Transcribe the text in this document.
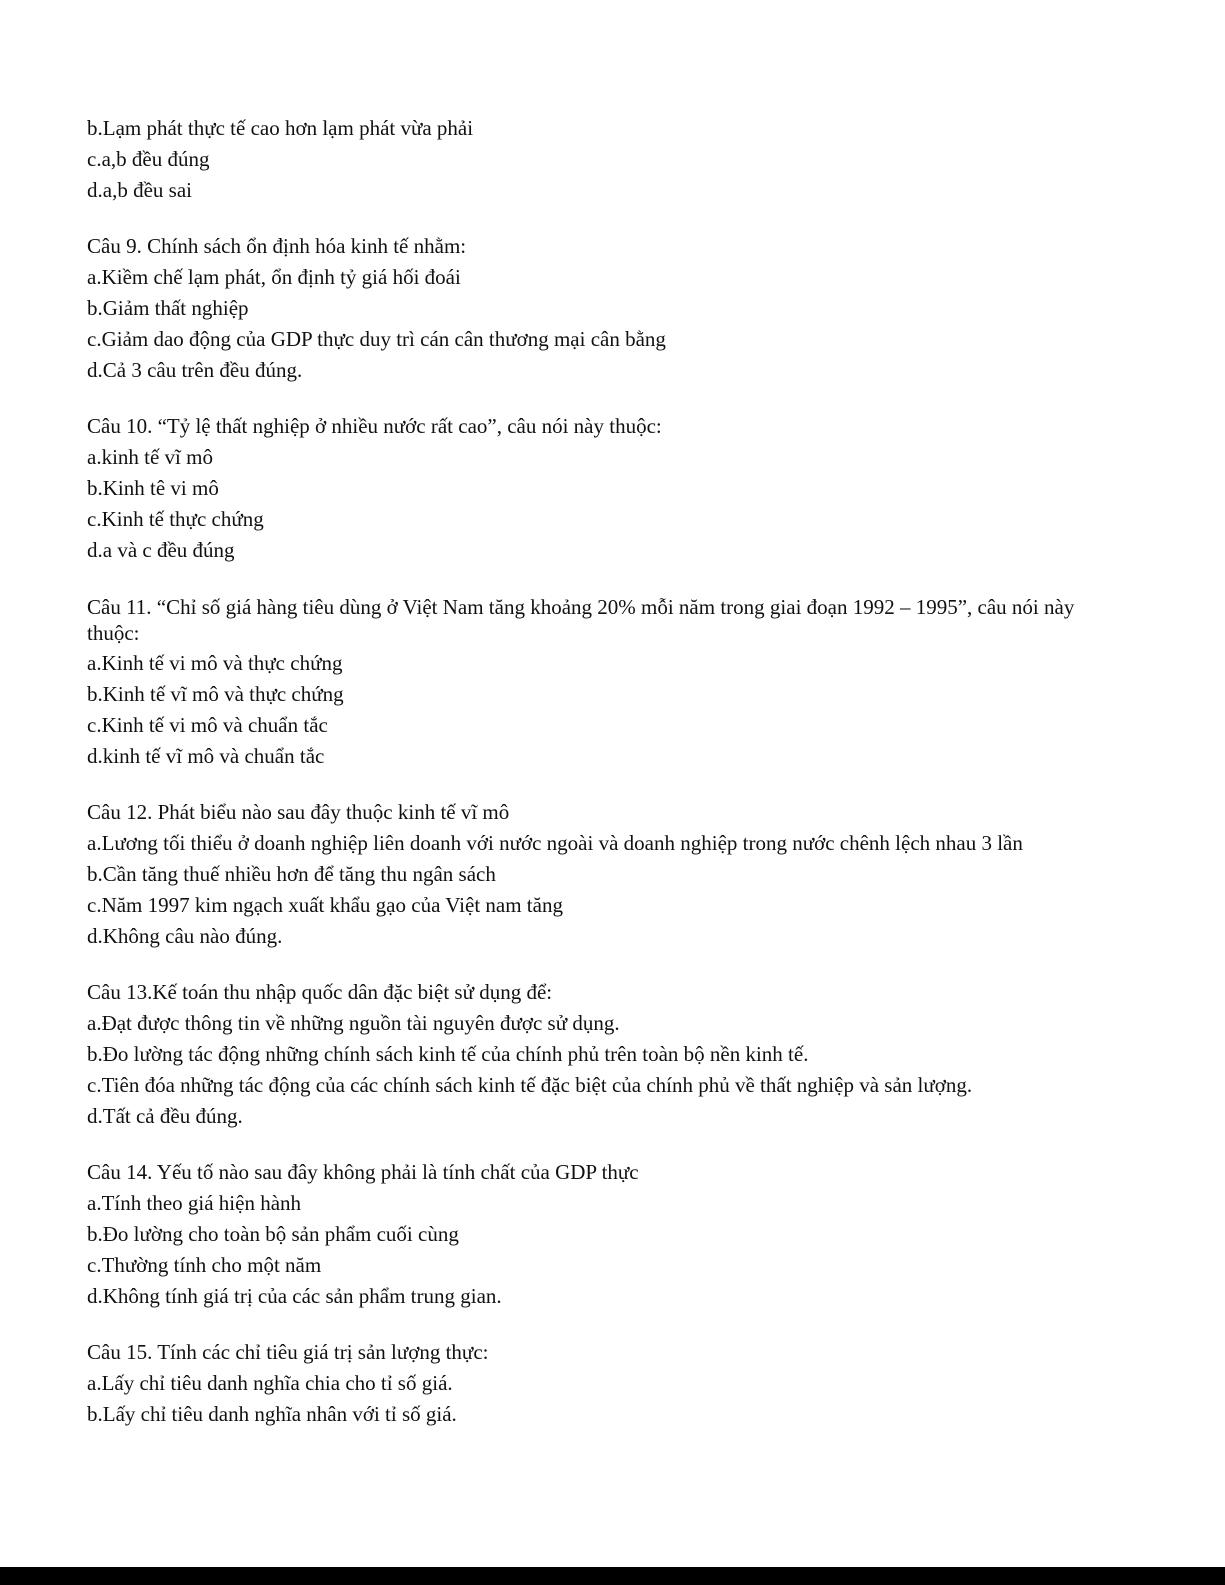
b.Lạm phát thực tế cao hơn lạm phát vừa phải
c.a,b đều đúng
d.a,b đều sai
Câu 9. Chính sách ổn định hóa kinh tế nhằm:
a.Kiềm chế lạm phát, ổn định tỷ giá hối đoái
b.Giảm thất nghiệp
c.Giảm dao động của GDP thực duy trì cán cân thương mại cân bằng
d.Cả 3 câu trên đều đúng.
Câu 10. “Tỷ lệ thất nghiệp ở nhiều nước rất cao”, câu nói này thuộc:
a.kinh tế vĩ mô
b.Kinh tê vi mô
c.Kinh tế thực chứng
d.a và c đều đúng
Câu 11. “Chỉ số giá hàng tiêu dùng ở Việt Nam tăng khoảng 20% mỗi năm trong giai đoạn 1992 – 1995”, câu nói này thuộc:
a.Kinh tế vi mô và thực chứng
b.Kinh tế vĩ mô và thực chứng
c.Kinh tế vi mô và chuẩn tắc
d.kinh tế vĩ mô và chuẩn tắc
Câu 12. Phát biểu nào sau đây thuộc kinh tế vĩ mô
a.Lương tối thiểu ở doanh nghiệp liên doanh với nước ngoài và doanh nghiệp trong nước chênh lệch nhau 3 lần
b.Cần tăng thuế nhiều hơn để tăng thu ngân sách
c.Năm 1997 kim ngạch xuất khẩu gạo của Việt nam tăng
d.Không câu nào đúng.
Câu 13.Kế toán thu nhập quốc dân đặc biệt sử dụng để:
a.Đạt được thông tin về những nguồn tài nguyên được sử dụng.
b.Đo lường tác động những chính sách kinh tế của chính phủ trên toàn bộ nền kinh tế.
c.Tiên đóa những tác động của các chính sách kinh tế đặc biệt của chính phủ về thất nghiệp và sản lượng.
d.Tất cả đều đúng.
Câu 14. Yếu tố nào sau đây không phải là tính chất của GDP thực
a.Tính theo giá hiện hành
b.Đo lường cho toàn bộ sản phẩm cuối cùng
c.Thường tính cho một năm
d.Không tính giá trị của các sản phẩm trung gian.
Câu 15. Tính các chỉ tiêu giá trị sản lượng thực:
a.Lấy chỉ tiêu danh nghĩa chia cho tỉ số giá.
b.Lấy chỉ tiêu danh nghĩa nhân với tỉ số giá.
